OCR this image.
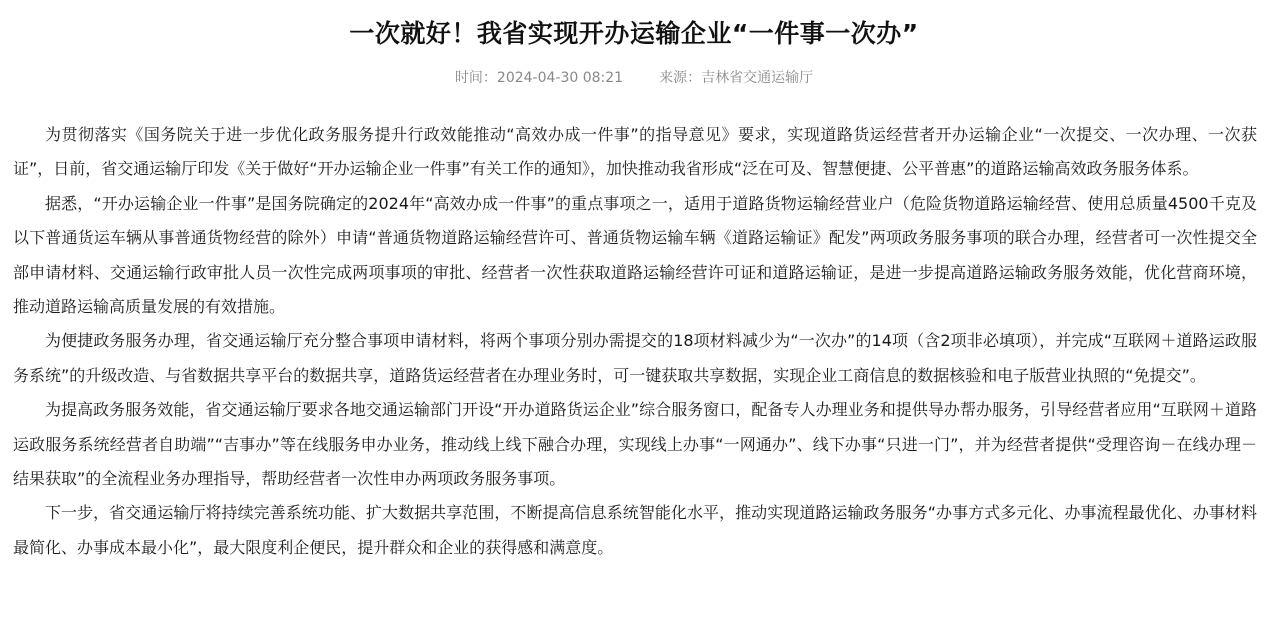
一次就好！我省实现开办运输企业“一件事一次办”
时间：2024-04-30 08:21	来源：吉林省交通运输厅

为贯彻落实《国务院关于进一步优化政务服务提升行政效能推动“高效办成一件事”的指导意见》要求，实现道路货运经营者开办运输企业“一次提交、一次办理、一次获证”，日前，省交通运输厅印发《关于做好“开办运输企业一件事”有关工作的通知》，加快推动我省形成“泛在可及、智慧便捷、公平普惠”的道路运输高效政务服务体系。

据悉，“开办运输企业一件事”是国务院确定的2024年“高效办成一件事”的重点事项之一，适用于道路货物运输经营业户（危险货物道路运输经营、使用总质量4500千克及以下普通货运车辆从事普通货物经营的除外）申请“普通货物道路运输经营许可、普通货物运输车辆《道路运输证》配发”两项政务服务事项的联合办理，经营者可一次性提交全部申请材料、交通运输行政审批人员一次性完成两项事项的审批、经营者一次性获取道路运输经营许可证和道路运输证，是进一步提高道路运输政务服务效能，优化营商环境，推动道路运输高质量发展的有效措施。

为便捷政务服务办理，省交通运输厅充分整合事项申请材料，将两个事项分别办需提交的18项材料减少为“一次办”的14项（含2项非必填项），并完成“互联网＋道路运政服务系统”的升级改造、与省数据共享平台的数据共享，道路货运经营者在办理业务时，可一键获取共享数据，实现企业工商信息的数据核验和电子版营业执照的“免提交”。

为提高政务服务效能，省交通运输厅要求各地交通运输部门开设“开办道路货运企业”综合服务窗口，配备专人办理业务和提供导办帮办服务，引导经营者应用“互联网＋道路运政服务系统经营者自助端”“吉事办”等在线服务申办业务，推动线上线下融合办理，实现线上办事“一网通办”、线下办事“只进一门”，并为经营者提供“受理咨询－在线办理－结果获取”的全流程业务办理指导，帮助经营者一次性申办两项政务服务事项。

下一步，省交通运输厅将持续完善系统功能、扩大数据共享范围，不断提高信息系统智能化水平，推动实现道路运输政务服务“办事方式多元化、办事流程最优化、办事材料最简化、办事成本最小化”，最大限度利企便民，提升群众和企业的获得感和满意度。
